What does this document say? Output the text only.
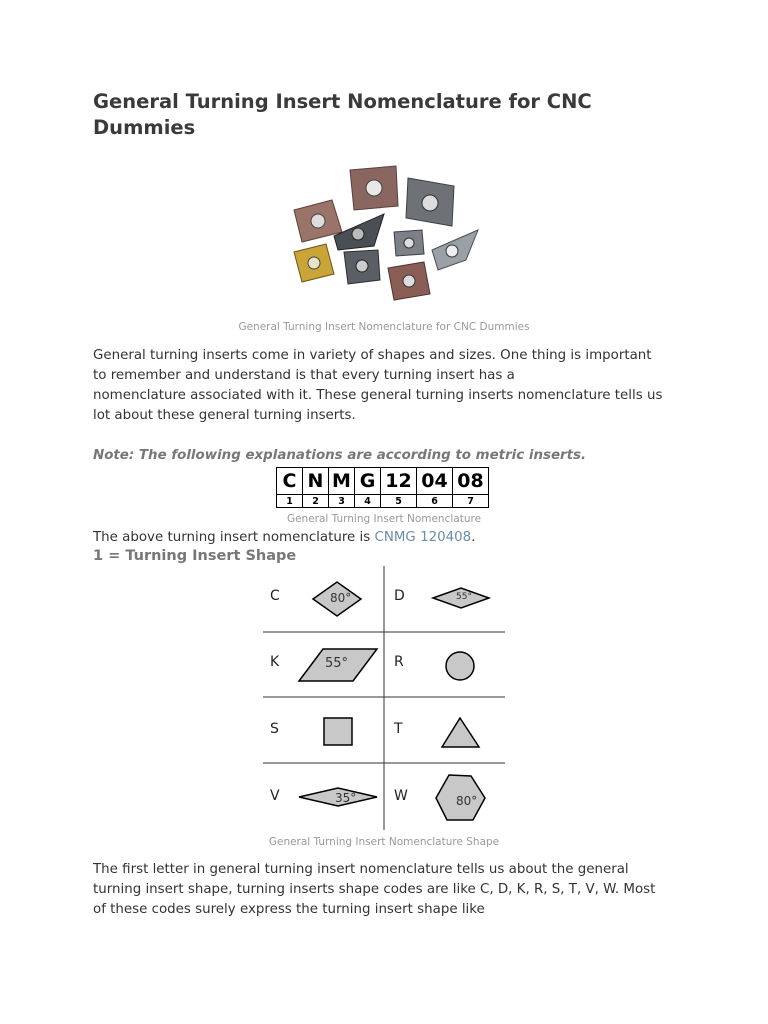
General Turning Insert Nomenclature for CNC Dummies
General Turning Insert Nomenclature for CNC Dummies
General turning inserts come in variety of shapes and sizes. One thing is important
to remember and understand is that every turning insert has a
nomenclature associated with it. These general turning inserts nomenclature tells us
lot about these general turning inserts.
Note: The following explanations are according to metric inserts.
C	N	M	G	12	04	08
1	2	3	4	5	6	7
General Turning Insert Nomenclature
The above turning insert nomenclature is CNMG 120408.
1 = Turning Insert Shape
C	80°	D	55°
K	55°	R
S	T
V	35°	W	80°
General Turning Insert Nomenclature Shape
The first letter in general turning insert nomenclature tells us about the general
turning insert shape, turning inserts shape codes are like C, D, K, R, S, T, V, W. Most
of these codes surely express the turning insert shape like
